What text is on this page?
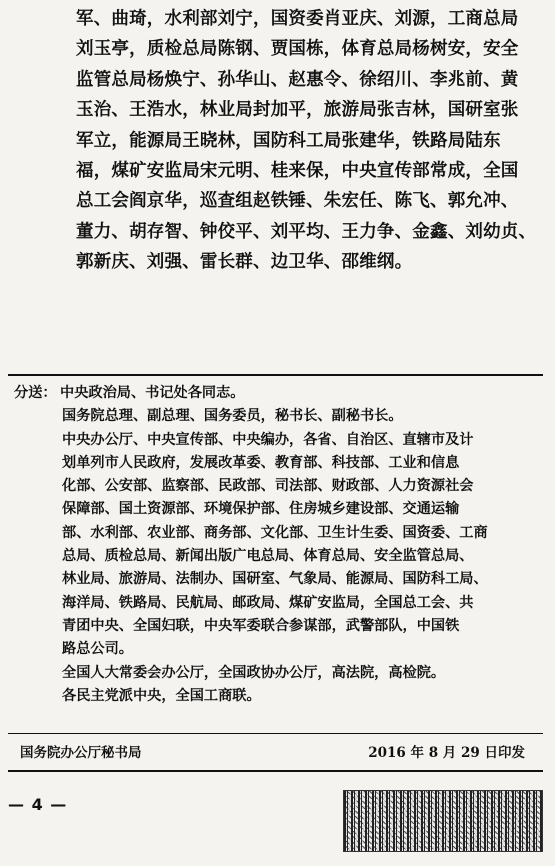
军、曲琦，水利部刘宁，国资委肖亚庆、刘源，工商总局
刘玉亭，质检总局陈钢、贾国栋，体育总局杨树安，安全
监管总局杨焕宁、孙华山、赵惠令、徐绍川、李兆前、黄
玉治、王浩水，林业局封加平，旅游局张吉林，国研室张
军立，能源局王晓林，国防科工局张建华，铁路局陆东
福，煤矿安监局宋元明、桂来保，中央宣传部常成，全国
总工会阎京华，巡查组赵铁锤、朱宏任、陈飞、郭允冲、
董力、胡存智、钟佼平、刘平均、王力争、金鑫、刘幼贞、
郭新庆、刘强、雷长群、边卫华、邵维纲。
分送： 中央政治局、书记处各同志。
国务院总理、副总理、国务委员，秘书长、副秘书长。
中央办公厅、中央宣传部、中央编办，各省、自治区、直辖市及计
划单列市人民政府，发展改革委、教育部、科技部、工业和信息
化部、公安部、监察部、民政部、司法部、财政部、人力资源社会
保障部、国土资源部、环境保护部、住房城乡建设部、交通运输
部、水利部、农业部、商务部、文化部、卫生计生委、国资委、工商
总局、质检总局、新闻出版广电总局、体育总局、安全监管总局、
林业局、旅游局、法制办、国研室、气象局、能源局、国防科工局、
海洋局、铁路局、民航局、邮政局、煤矿安监局，全国总工会、共
青团中央、全国妇联，中央军委联合参谋部，武警部队，中国铁
路总公司。
全国人大常委会办公厅，全国政协办公厅，高法院，高检院。
各民主党派中央，全国工商联。
国务院办公厅秘书局	2016 年 8 月 29 日印发
— 4 —
